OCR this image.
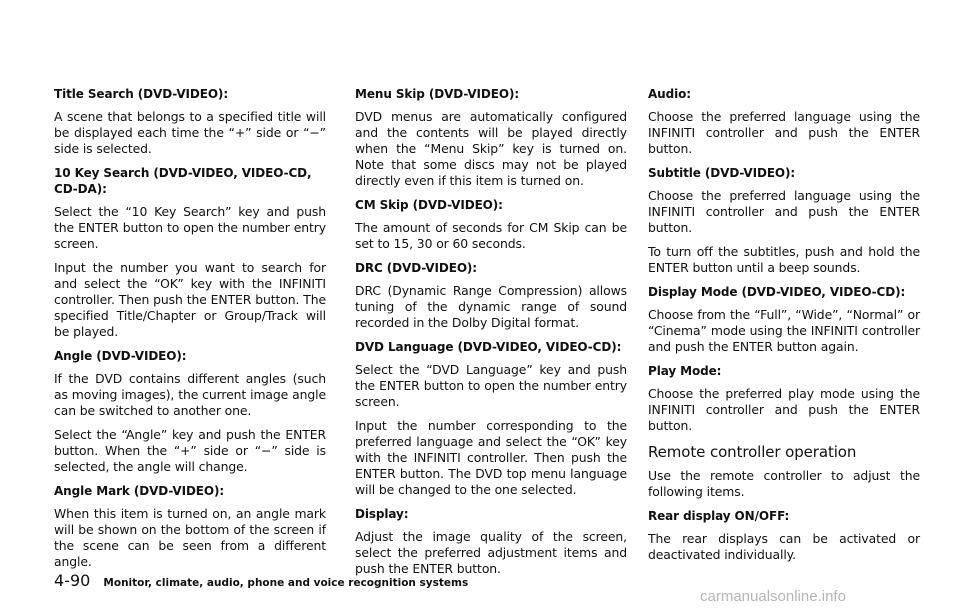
Title Search (DVD-VIDEO):
A scene that belongs to a specified title will be displayed each time the “+” side or “−” side is selected.
10 Key Search (DVD-VIDEO, VIDEO-CD, CD-DA):
Select the “10 Key Search” key and push the ENTER button to open the number entry screen.
Input the number you want to search for and select the “OK” key with the INFINITI controller. Then push the ENTER button. The specified Title/Chapter or Group/Track will be played.
Angle (DVD-VIDEO):
If the DVD contains different angles (such as moving images), the current image angle can be switched to another one.
Select the “Angle” key and push the ENTER button. When the “+” side or “−” side is selected, the angle will change.
Angle Mark (DVD-VIDEO):
When this item is turned on, an angle mark will be shown on the bottom of the screen if the scene can be seen from a different angle.
Menu Skip (DVD-VIDEO):
DVD menus are automatically configured and the contents will be played directly when the “Menu Skip” key is turned on. Note that some discs may not be played directly even if this item is turned on.
CM Skip (DVD-VIDEO):
The amount of seconds for CM Skip can be set to 15, 30 or 60 seconds.
DRC (DVD-VIDEO):
DRC (Dynamic Range Compression) allows tuning of the dynamic range of sound recorded in the Dolby Digital format.
DVD Language (DVD-VIDEO, VIDEO-CD):
Select the “DVD Language” key and push the ENTER button to open the number entry screen.
Input the number corresponding to the preferred language and select the “OK” key with the INFINITI controller. Then push the ENTER button. The DVD top menu language will be changed to the one selected.
Display:
Adjust the image quality of the screen, select the preferred adjustment items and push the ENTER button.
Audio:
Choose the preferred language using the INFINITI controller and push the ENTER button.
Subtitle (DVD-VIDEO):
Choose the preferred language using the INFINITI controller and push the ENTER button.
To turn off the subtitles, push and hold the ENTER button until a beep sounds.
Display Mode (DVD-VIDEO, VIDEO-CD):
Choose from the “Full”, “Wide”, “Normal” or “Cinema” mode using the INFINITI controller and push the ENTER button again.
Play Mode:
Choose the preferred play mode using the INFINITI controller and push the ENTER button.
Remote controller operation
Use the remote controller to adjust the following items.
Rear display ON/OFF:
The rear displays can be activated or deactivated individually.
4-90 Monitor, climate, audio, phone and voice recognition systems
carmanualsonline.info
